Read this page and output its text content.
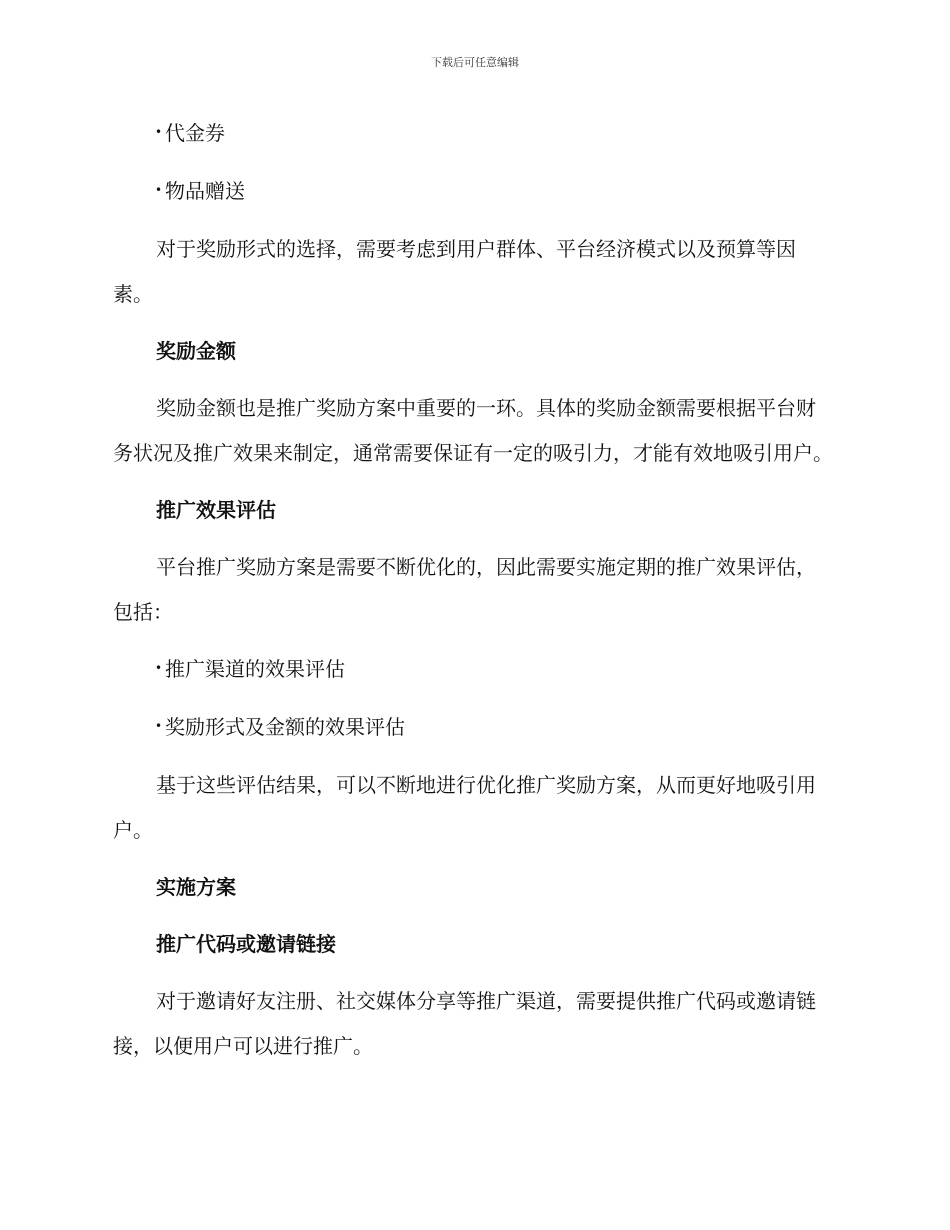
下载后可任意编辑

• 代金券

• 物品赠送

对于奖励形式的选择，需要考虑到用户群体、平台经济模式以及预算等因素。

奖励金额

奖励金额也是推广奖励方案中重要的一环。具体的奖励金额需要根据平台财务状况及推广效果来制定，通常需要保证有一定的吸引力，才能有效地吸引用户。

推广效果评估

平台推广奖励方案是需要不断优化的，因此需要实施定期的推广效果评估，包括：

• 推广渠道的效果评估

• 奖励形式及金额的效果评估

基于这些评估结果，可以不断地进行优化推广奖励方案，从而更好地吸引用户。

实施方案

推广代码或邀请链接

对于邀请好友注册、社交媒体分享等推广渠道，需要提供推广代码或邀请链接，以便用户可以进行推广。
